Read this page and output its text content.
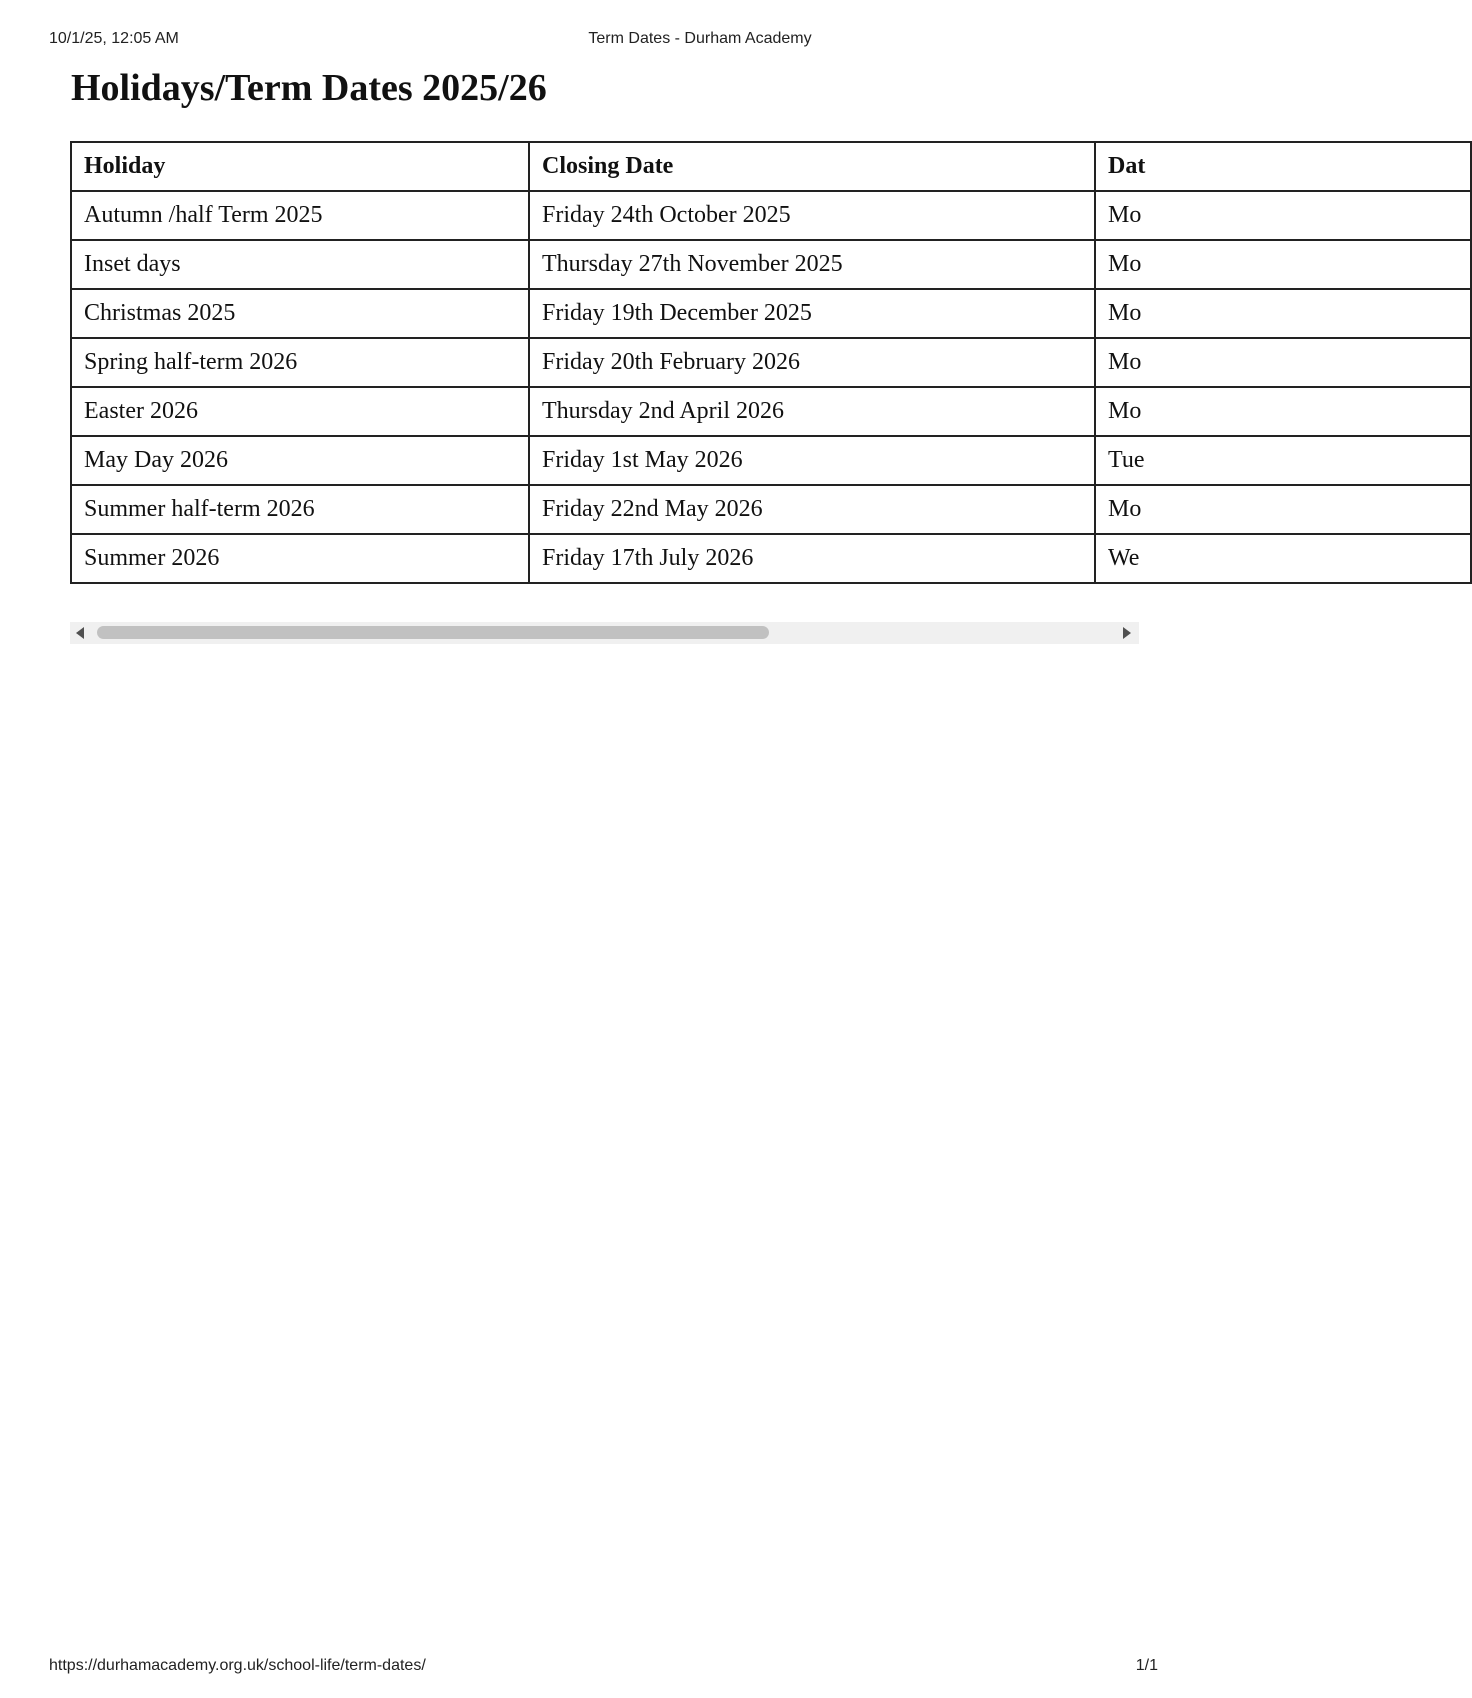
10/1/25, 12:05 AM	Term Dates - Durham Academy
Holidays/Term Dates 2025/26
Holiday	Closing Date	Dat
Autumn /half Term 2025	Friday 24th October 2025	Mo
Inset days	Thursday 27th November 2025	Mo
Christmas 2025	Friday 19th December 2025	Mo
Spring half-term 2026	Friday 20th February 2026	Mo
Easter 2026	Thursday 2nd April 2026	Mo
May Day 2026	Friday 1st May 2026	Tue
Summer half-term 2026	Friday 22nd May 2026	Mo
Summer 2026	Friday 17th July 2026	We
https://durhamacademy.org.uk/school-life/term-dates/	1/1
